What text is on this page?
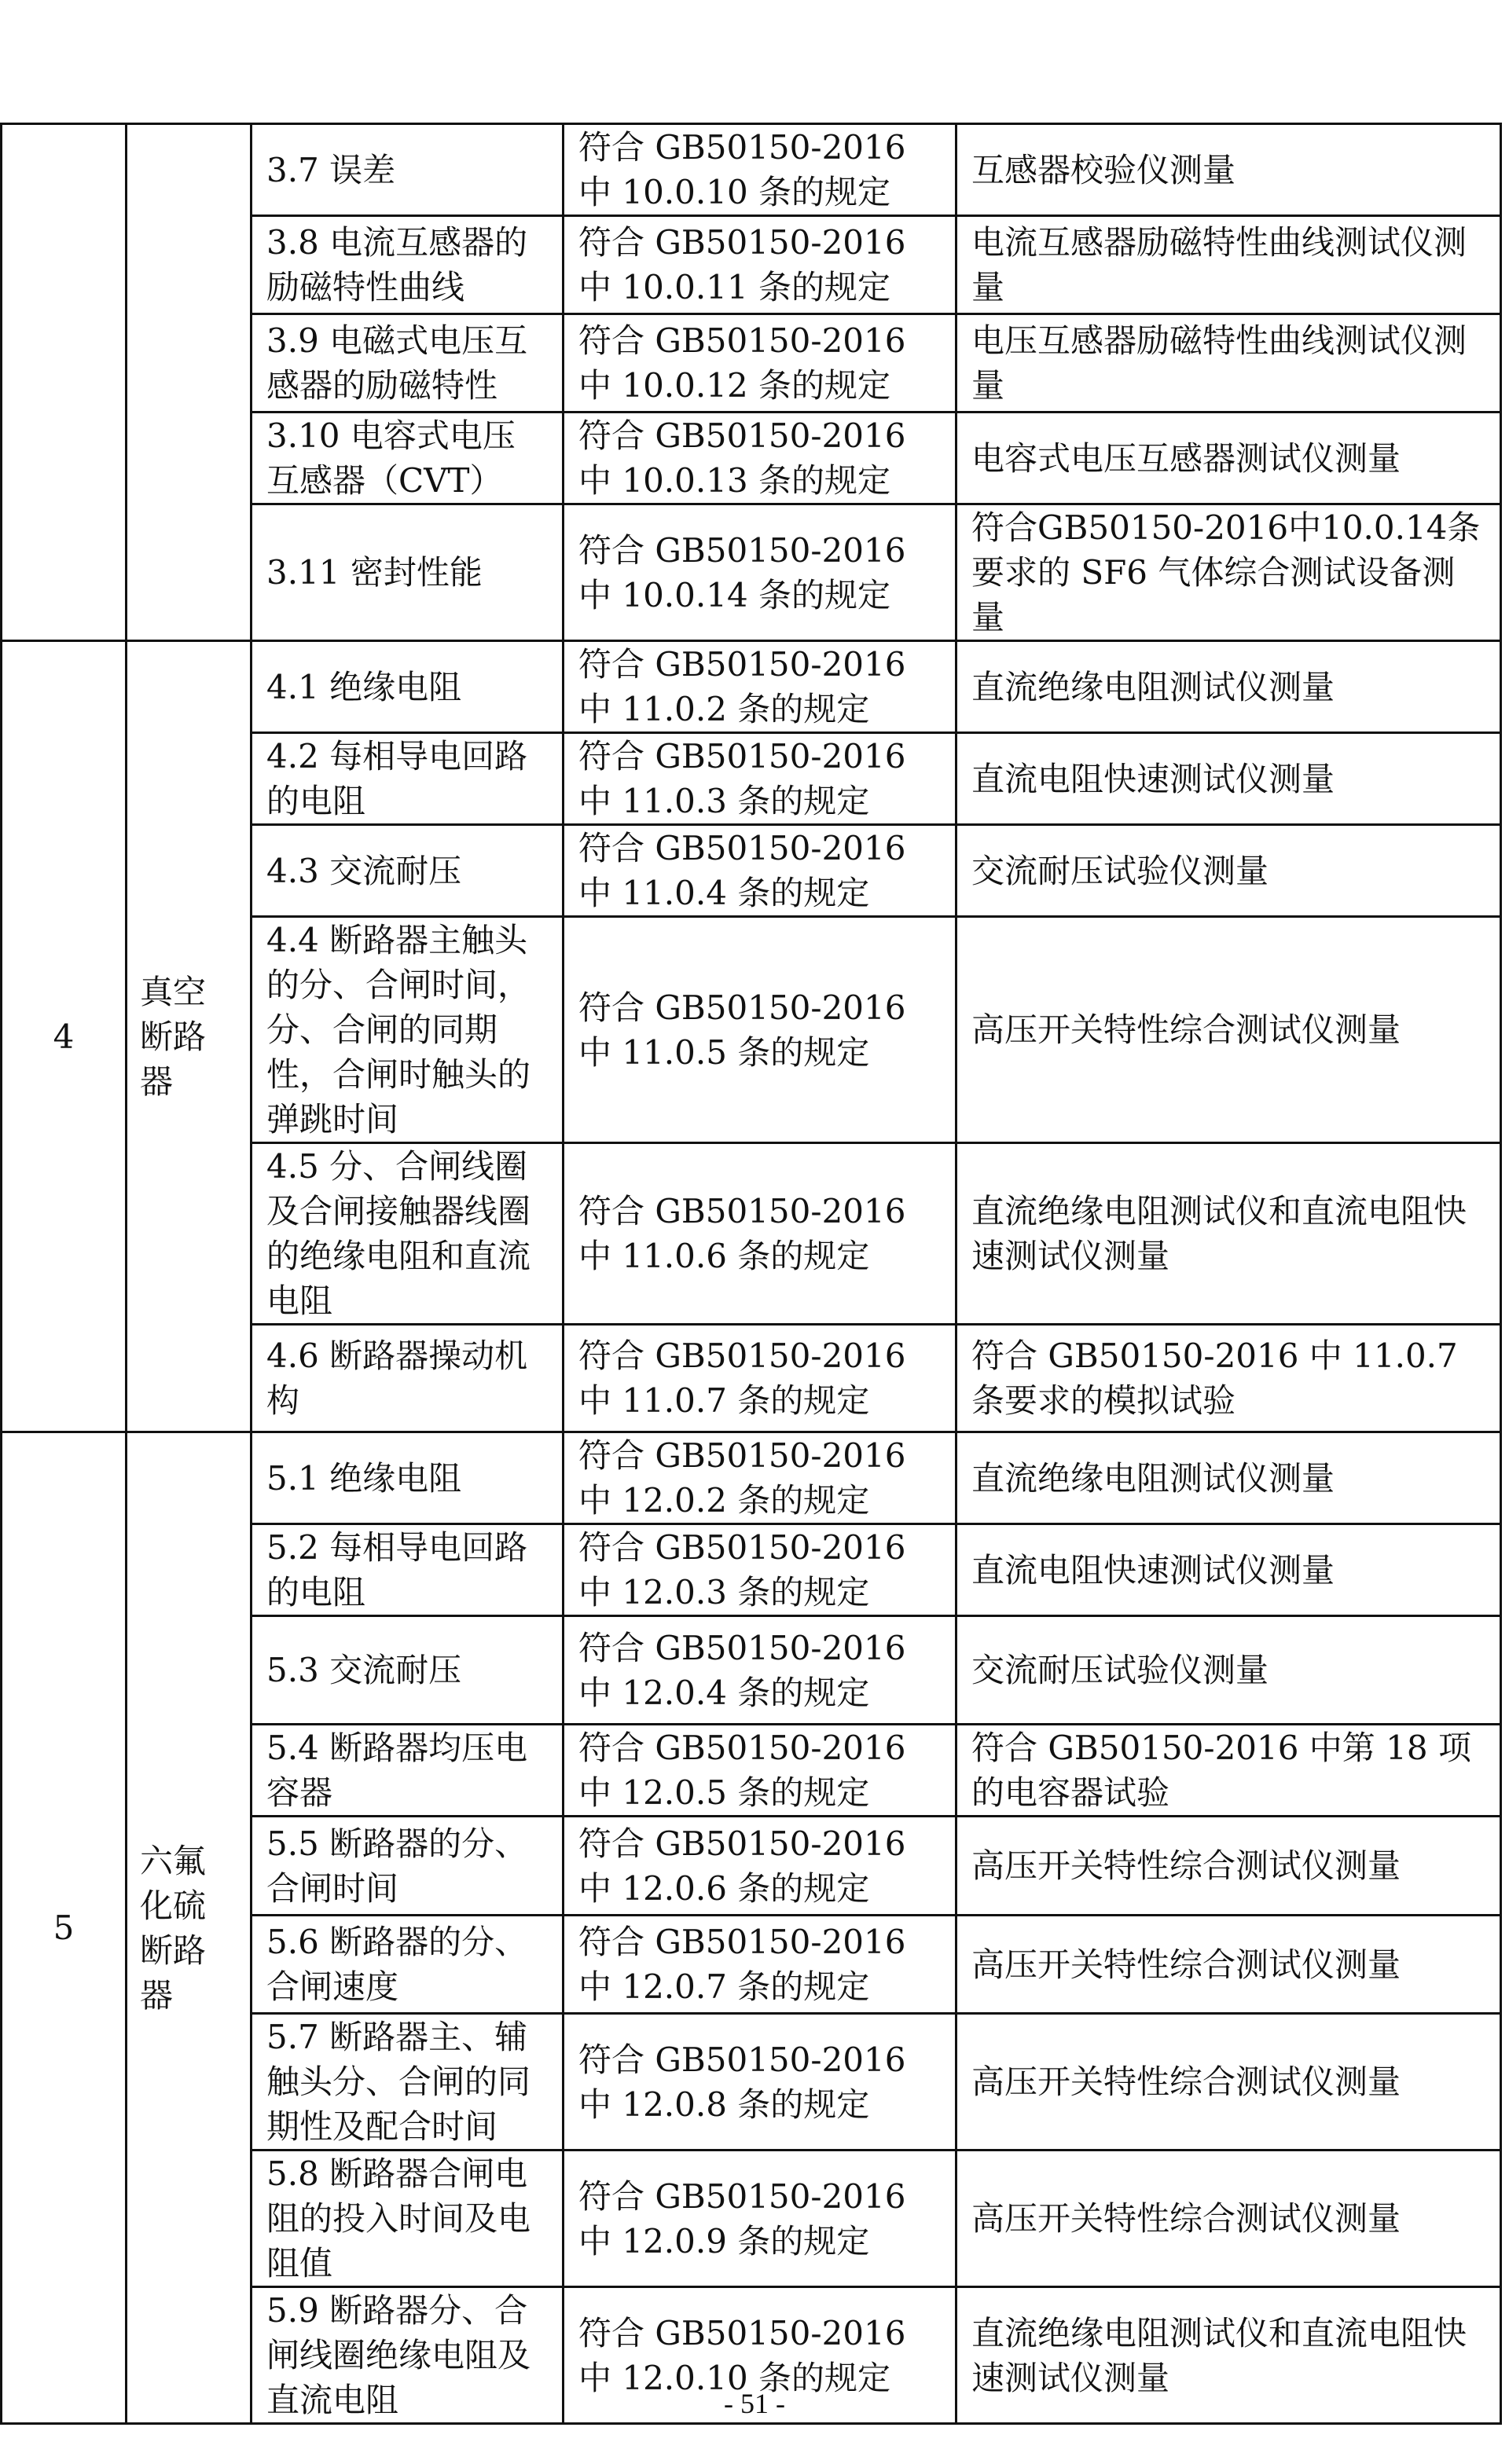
		3.7 误差	符合 GB50150-2016 中 10.0.10 条的规定	互感器校验仪测量
		3.8 电流互感器的励磁特性曲线	符合 GB50150-2016 中 10.0.11 条的规定	电流互感器励磁特性曲线测试仪测量
		3.9 电磁式电压互感器的励磁特性	符合 GB50150-2016 中 10.0.12 条的规定	电压互感器励磁特性曲线测试仪测量
		3.10 电容式电压互感器（CVT）	符合 GB50150-2016 中 10.0.13 条的规定	电容式电压互感器测试仪测量
		3.11 密封性能	符合 GB50150-2016 中 10.0.14 条的规定	符合GB50150-2016中10.0.14条要求的 SF6 气体综合测试设备测量
4	真空断路器	4.1 绝缘电阻	符合 GB50150-2016 中 11.0.2 条的规定	直流绝缘电阻测试仪测量
		4.2 每相导电回路的电阻	符合 GB50150-2016 中 11.0.3 条的规定	直流电阻快速测试仪测量
		4.3 交流耐压	符合 GB50150-2016 中 11.0.4 条的规定	交流耐压试验仪测量
		4.4 断路器主触头的分、合闸时间，分、合闸的同期性，合闸时触头的弹跳时间	符合 GB50150-2016 中 11.0.5 条的规定	高压开关特性综合测试仪测量
		4.5 分、合闸线圈及合闸接触器线圈的绝缘电阻和直流电阻	符合 GB50150-2016 中 11.0.6 条的规定	直流绝缘电阻测试仪和直流电阻快速测试仪测量
		4.6 断路器操动机构	符合 GB50150-2016 中 11.0.7 条的规定	符合 GB50150-2016 中 11.0.7 条要求的模拟试验
5	六氟化硫断路器	5.1 绝缘电阻	符合 GB50150-2016 中 12.0.2 条的规定	直流绝缘电阻测试仪测量
		5.2 每相导电回路的电阻	符合 GB50150-2016 中 12.0.3 条的规定	直流电阻快速测试仪测量
		5.3 交流耐压	符合 GB50150-2016 中 12.0.4 条的规定	交流耐压试验仪测量
		5.4 断路器均压电容器	符合 GB50150-2016 中 12.0.5 条的规定	符合 GB50150-2016 中第 18 项的电容器试验
		5.5 断路器的分、合闸时间	符合 GB50150-2016 中 12.0.6 条的规定	高压开关特性综合测试仪测量
		5.6 断路器的分、合闸速度	符合 GB50150-2016 中 12.0.7 条的规定	高压开关特性综合测试仪测量
		5.7 断路器主、辅触头分、合闸的同期性及配合时间	符合 GB50150-2016 中 12.0.8 条的规定	高压开关特性综合测试仪测量
		5.8 断路器合闸电阻的投入时间及电阻值	符合 GB50150-2016 中 12.0.9 条的规定	高压开关特性综合测试仪测量
		5.9 断路器分、合闸线圈绝缘电阻及直流电阻	符合 GB50150-2016 中 12.0.10 条的规定	直流绝缘电阻测试仪和直流电阻快速测试仪测量
- 51 -
